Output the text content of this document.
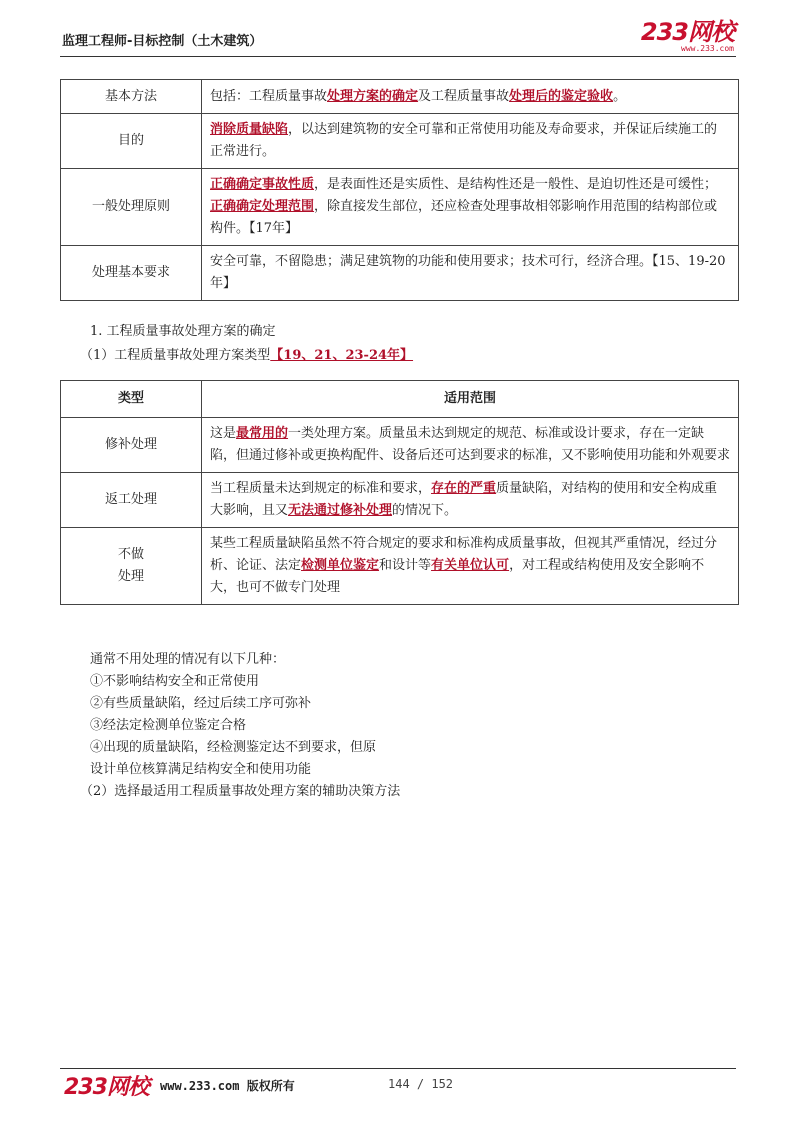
监理工程师-目标控制（土木建筑）	233网校
www.233.com
基本方法	包括：工程质量事故处理方案的确定及工程质量事故处理后的鉴定验收。
目的	消除质量缺陷，以达到建筑物的安全可靠和正常使用功能及寿命要求，并保证后续施工的正常进行。
一般处理原则	正确确定事故性质，是表面性还是实质性、是结构性还是一般性、是迫切性还是可缓性；正确确定处理范围，除直接发生部位，还应检查处理事故相邻影响作用范围的结构部位或构件。【17年】
处理基本要求	安全可靠，不留隐患；满足建筑物的功能和使用要求；技术可行，经济合理。【15、19-20年】
1. 工程质量事故处理方案的确定
（1）工程质量事故处理方案类型【19、21、23-24年】
类型	适用范围
修补处理	这是最常用的一类处理方案。质量虽未达到规定的规范、标准或设计要求，存在一定缺陷，但通过修补或更换构配件、设备后还可达到要求的标准，又不影响使用功能和外观要求
返工处理	当工程质量未达到规定的标准和要求，存在的严重质量缺陷，对结构的使用和安全构成重大影响，且又无法通过修补处理的情况下。
不做
处理	某些工程质量缺陷虽然不符合规定的要求和标准构成质量事故，但视其严重情况，经过分析、论证、法定检测单位鉴定和设计等有关单位认可，对工程或结构使用及安全影响不大，也可不做专门处理
通常不用处理的情况有以下几种：
①不影响结构安全和正常使用
②有些质量缺陷，经过后续工序可弥补
③经法定检测单位鉴定合格
④出现的质量缺陷，经检测鉴定达不到要求，但原
设计单位核算满足结构安全和使用功能
（2）选择最适用工程质量事故处理方案的辅助决策方法
233网校 www.233.com 版权所有	144 / 152
